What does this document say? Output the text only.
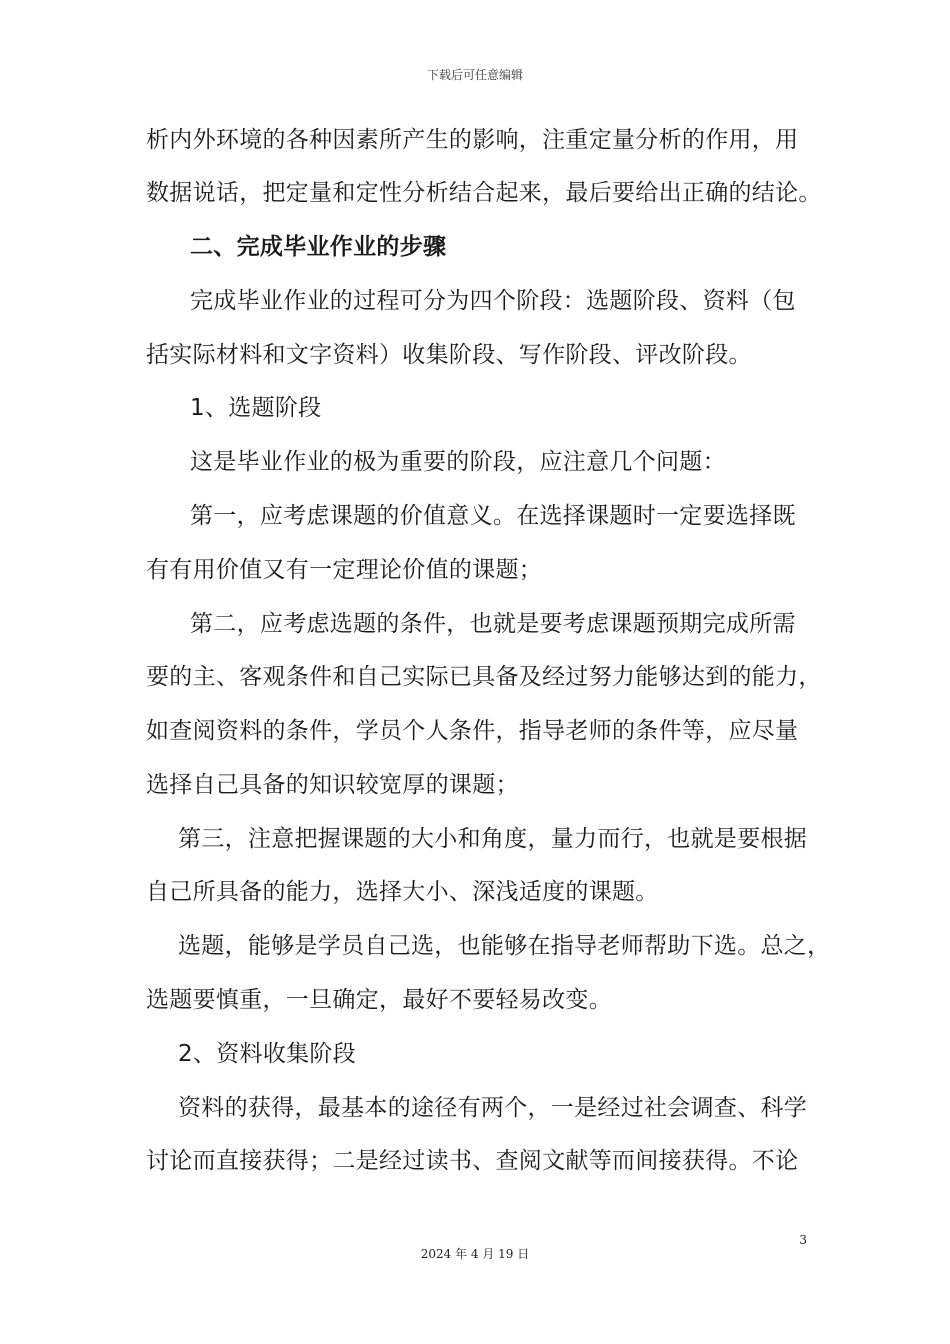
下载后可任意编辑
析内外环境的各种因素所产生的影响，注重定量分析的作用，用
数据说话，把定量和定性分析结合起来，最后要给出正确的结论。
二、完成毕业作业的步骤
完成毕业作业的过程可分为四个阶段：选题阶段、资料（包
括实际材料和文字资料）收集阶段、写作阶段、评改阶段。
1、选题阶段
这是毕业作业的极为重要的阶段，应注意几个问题：
第一，应考虑课题的价值意义。在选择课题时一定要选择既
有有用价值又有一定理论价值的课题；
第二，应考虑选题的条件，也就是要考虑课题预期完成所需
要的主、客观条件和自己实际已具备及经过努力能够达到的能力，
如查阅资料的条件，学员个人条件，指导老师的条件等，应尽量
选择自己具备的知识较宽厚的课题；
第三，注意把握课题的大小和角度，量力而行，也就是要根据
自己所具备的能力，选择大小、深浅适度的课题。
选题，能够是学员自己选，也能够在指导老师帮助下选。总之，
选题要慎重，一旦确定，最好不要轻易改变。
2、资料收集阶段
资料的获得，最基本的途径有两个，一是经过社会调查、科学
讨论而直接获得；二是经过读书、查阅文献等而间接获得。不论
3
2024 年 4 月 19 日
